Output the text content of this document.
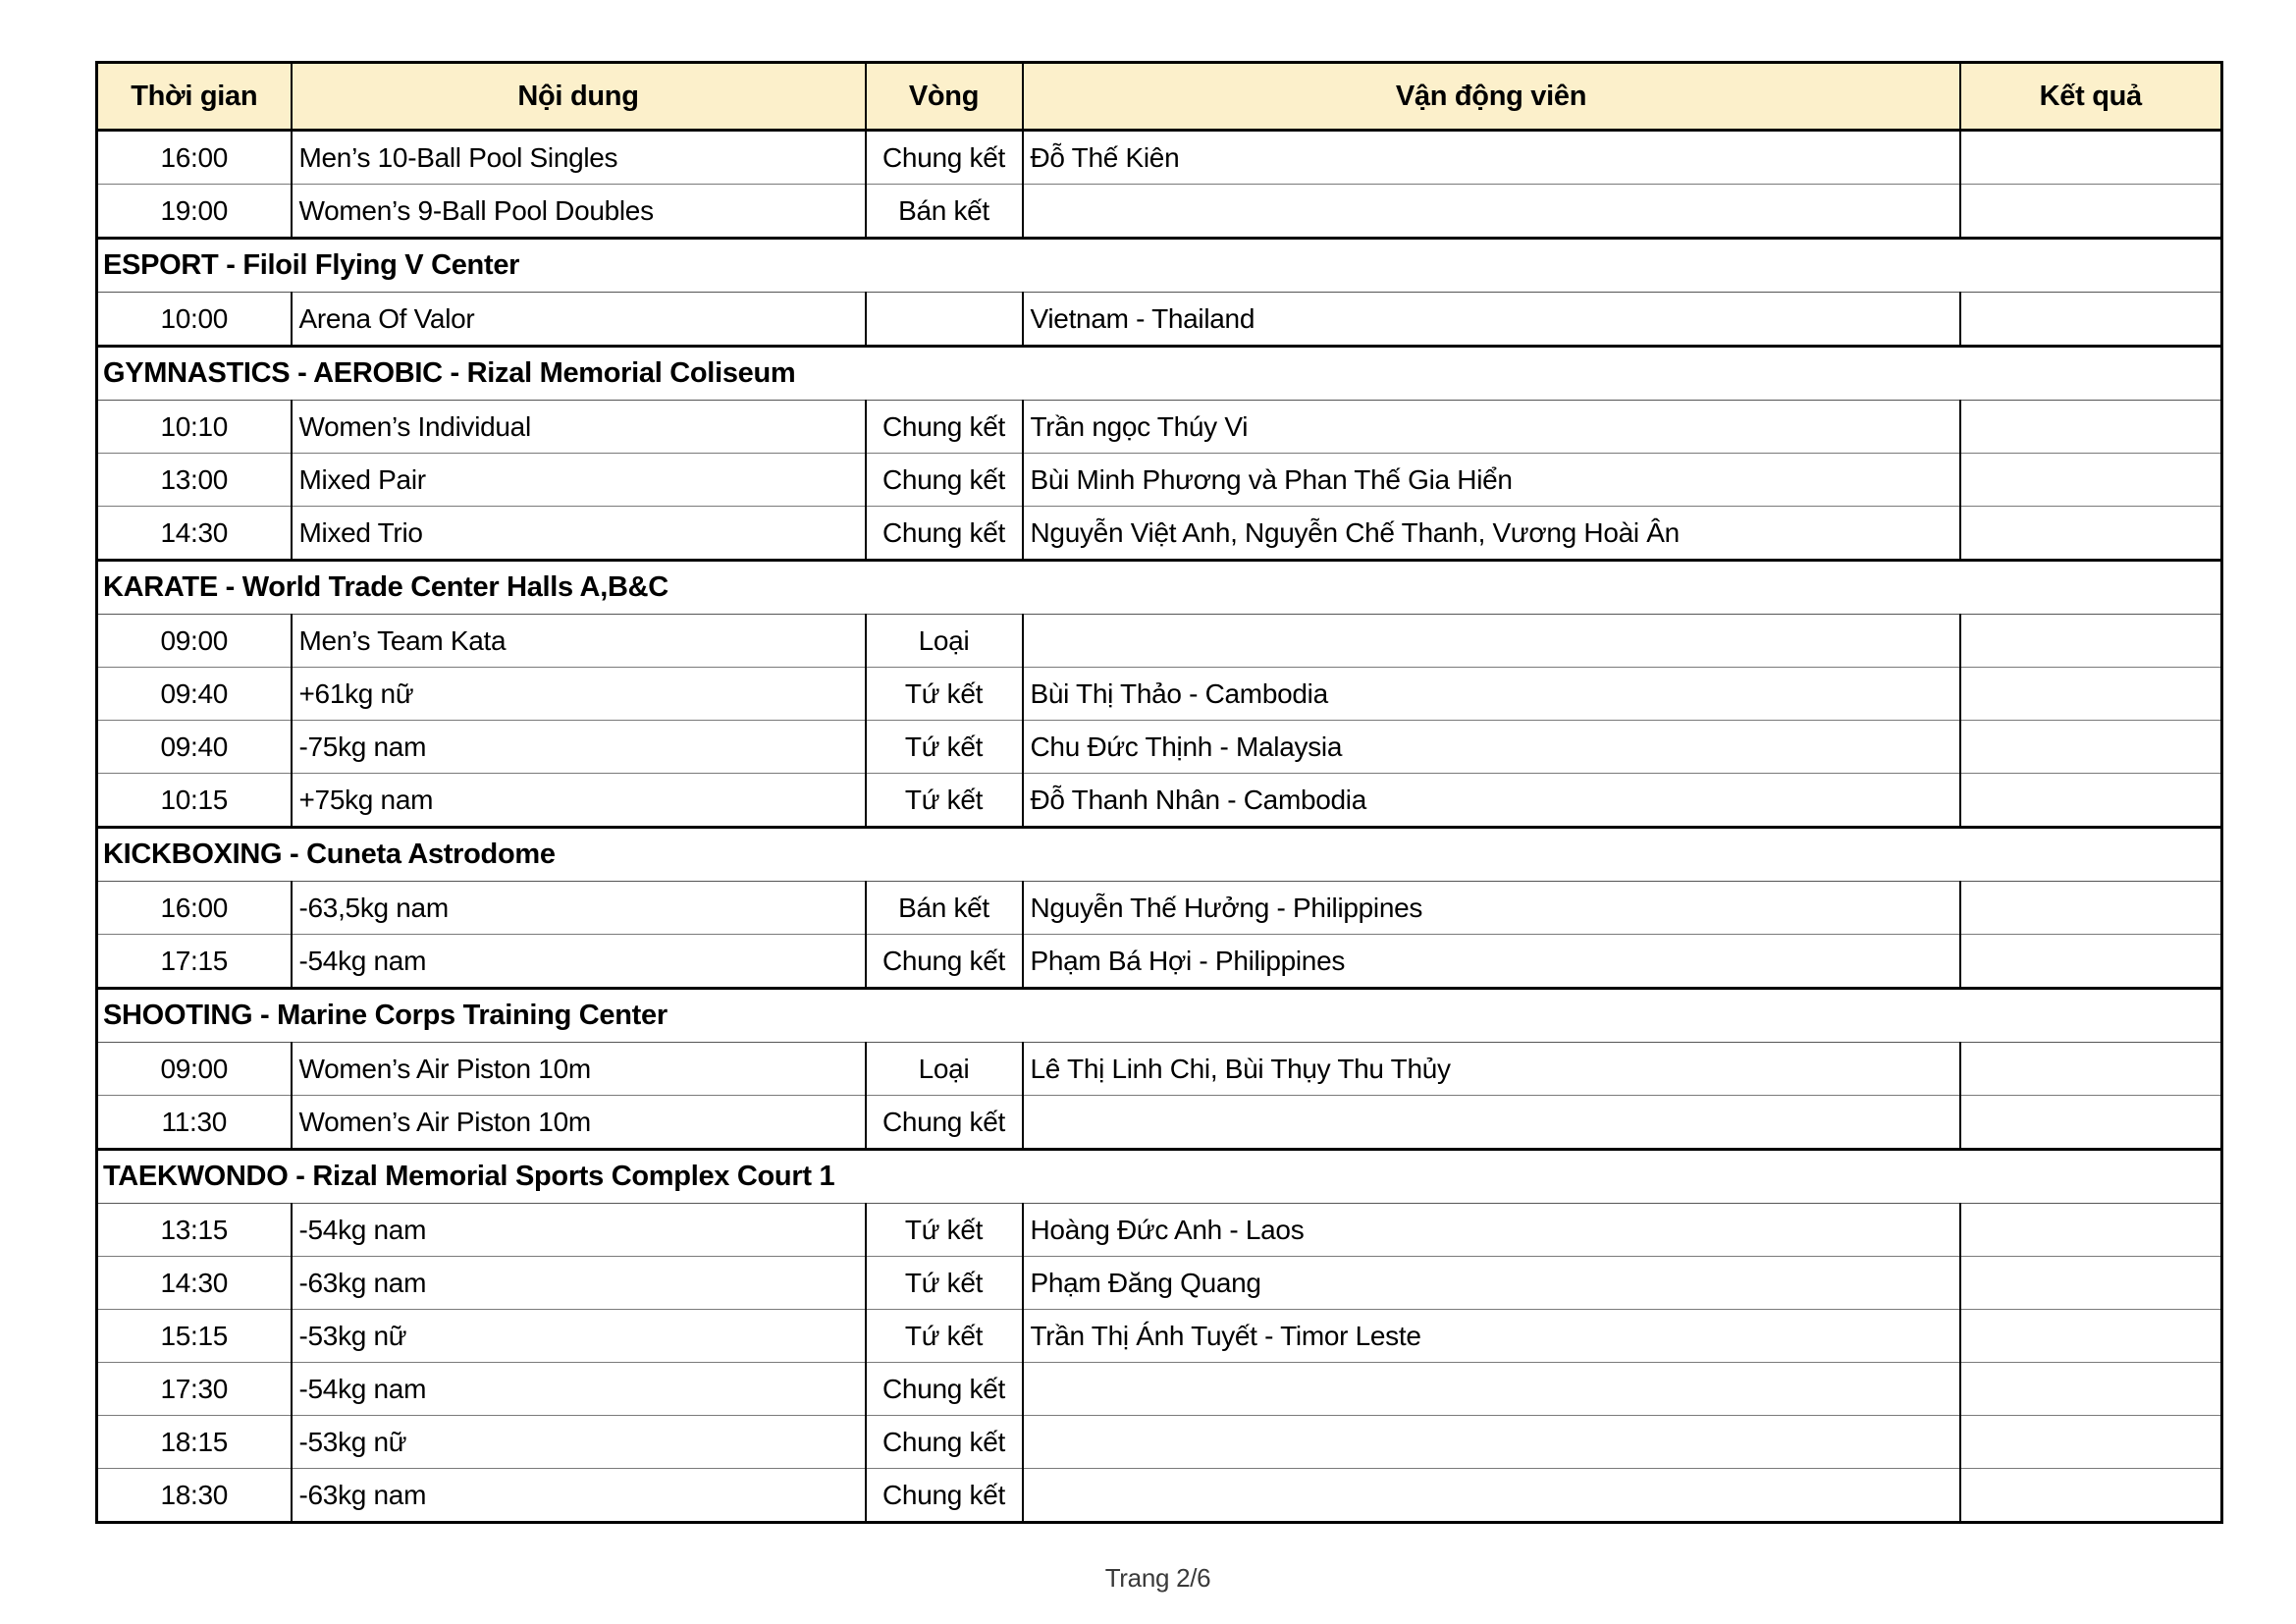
Thời gian	Nội dung	Vòng	Vận động viên	Kết quả
16:00	Men’s 10-Ball Pool Singles	Chung kết	Đỗ Thế Kiên	
19:00	Women’s 9-Ball Pool Doubles	Bán kết		
ESPORT - Filoil Flying V Center				
10:00	Arena Of Valor		Vietnam - Thailand	
GYMNASTICS - AEROBIC - Rizal Memorial Coliseum				
10:10	Women’s Individual	Chung kết	Trần ngọc Thúy Vi	
13:00	Mixed Pair	Chung kết	Bùi Minh Phương và Phan Thế Gia Hiển	
14:30	Mixed Trio	Chung kết	Nguyễn Việt Anh, Nguyễn Chế Thanh, Vương Hoài Ân	
KARATE - World Trade Center Halls A,B&C				
09:00	Men’s Team Kata	Loại		
09:40	+61kg nữ	Tứ kết	Bùi Thị Thảo - Cambodia	
09:40	-75kg nam	Tứ kết	Chu Đức Thịnh - Malaysia	
10:15	+75kg nam	Tứ kết	Đỗ Thanh Nhân - Cambodia	
KICKBOXING - Cuneta Astrodome				
16:00	-63,5kg nam	Bán kết	Nguyễn Thế Hưởng - Philippines	
17:15	-54kg nam	Chung kết	Phạm Bá Hợi - Philippines	
SHOOTING - Marine Corps Training Center				
09:00	Women’s Air Piston 10m	Loại	Lê Thị Linh Chi, Bùi Thụy Thu Thủy	
11:30	Women’s Air Piston 10m	Chung kết		
TAEKWONDO - Rizal Memorial Sports Complex Court 1				
13:15	-54kg nam	Tứ kết	Hoàng Đức Anh - Laos	
14:30	-63kg nam	Tứ kết	Phạm Đăng Quang	
15:15	-53kg nữ	Tứ kết	Trần Thị Ánh Tuyết - Timor Leste	
17:30	-54kg nam	Chung kết		
18:15	-53kg nữ	Chung kết		
18:30	-63kg nam	Chung kết		
Trang 2/6
